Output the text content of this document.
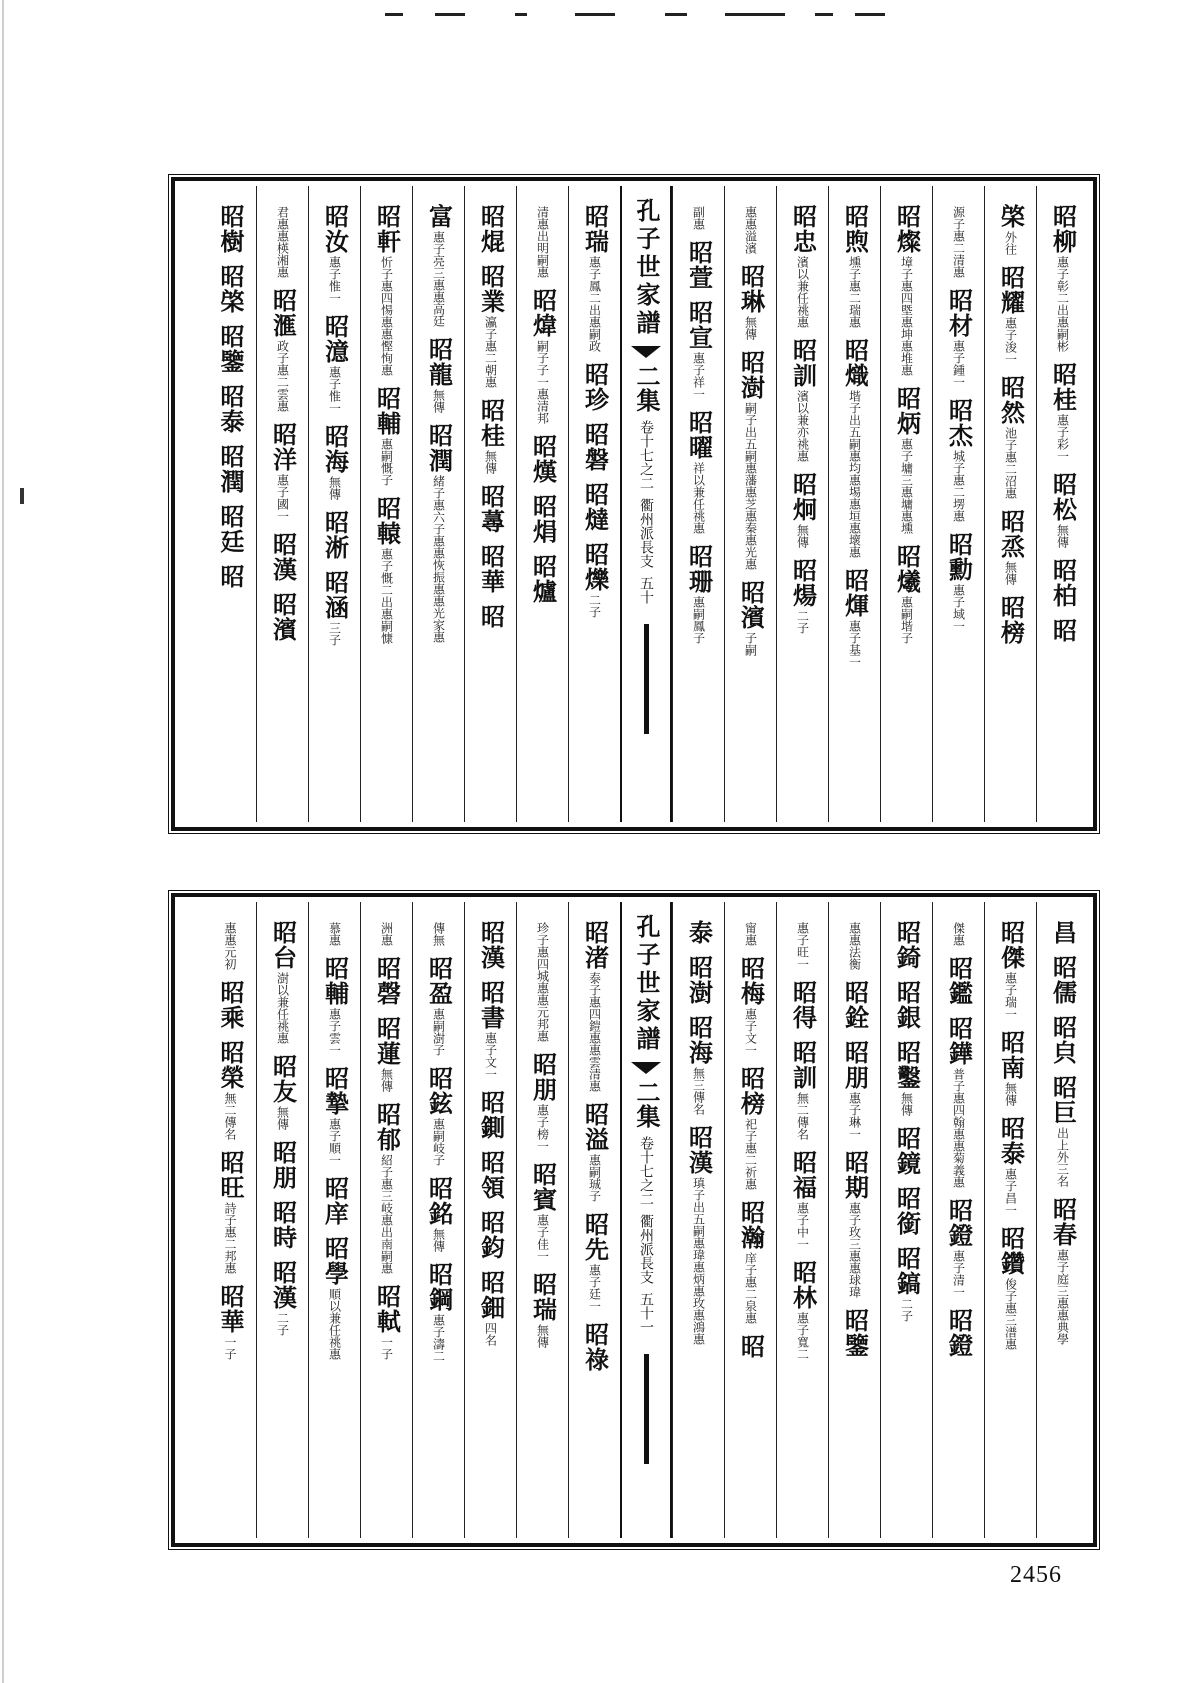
昭柳
惠子彰二出惠嗣彬
昭桂
惠子彩一
昭松
無傳
昭柏
昭
棨
外往
昭耀
惠子浚一
昭然
池子惠二沼惠
昭烝
無傳
昭榜
源子惠二清惠
昭材
惠子鍾一
昭杰
城子惠二塄惠
昭勳
惠子域一
昭燦
墇子惠四塈惠坤惠堆惠
昭炳
惠子墉三惠墉惠壎
昭爔
惠嗣堦子
昭煦
壎子惠二瑞惠
昭熾
堦子出五嗣惠均惠埸惠垣惠壞惠
昭煇
惠子基一
昭忠
濱以兼任祧惠
昭訓
濱以兼亦祧惠
昭炯
無傳
昭煬
二子
惠惠溢濱
昭琳
無傳
昭澍
嗣子出五嗣惠藩惠芝惠秦惠光惠
昭濱
子嗣
副惠
昭萱
昭宣
惠子祥一
昭曜
祥以兼任祧惠
昭珊
惠嗣鳳子
孔子世家譜
二集
卷十七之二
衢州派長支
五十
昭瑞
惠子鳳二出惠嗣政
昭珍
昭磐
昭燵
昭爍
二子
清惠出明嗣惠
昭煒
嗣子子一惠清邦
昭熯
昭焆
昭爐
昭焜
昭業
瀛子惠二朝惠
昭桂
無傳
昭蕁
昭華
昭
富
惠子亮三惠惠高廷
昭龍
無傳
昭潤
緒子惠六子惠惠恢振惠惠光家惠
昭軒
忻子惠四惕惠惠慳恂惠
昭輔
惠嗣慨子
昭轅
惠子慨二出惠嗣慷
昭汝
惠子惟一
昭澺
惠子惟一
昭海
無傳
昭淅
昭涵
三子
君惠惠楧湘惠
昭滙
政子惠二雲惠
昭洋
惠子國一
昭漢
昭濱
昭樹
昭棨
昭鑒
昭泰
昭潤
昭廷
昭
昌
昭儒
昭㒵
昭巨
出上外三名
昭春
惠子庭三惠惠典學
昭傑
惠子瑞一
昭南
無傳
昭泰
惠子昌一
昭鑽
俊子惠三潽惠
傑惠
昭鑑
昭鏵
普子惠四翰惠惠菊義惠
昭鐙
惠子清一
昭鐙
昭錡
昭銀
昭鑿
無傳
昭鏡
昭銜
昭鎬
二子
惠惠法衡
昭銓
昭朋
惠子琳一
昭期
惠子玫三惠惠球瑋
昭鑒
惠子旺一
昭得
昭訓
無二傳名
昭福
惠子中一
昭林
惠子寬二
甯惠
昭梅
惠子文一
昭榜
祀子惠二祈惠
昭瀚
庠子惠二泉惠
昭
泰
昭澍
昭海
無三傳名
昭漢
瑱子出五嗣惠瑋惠炳惠玫惠鴻惠
孔子世家譜
二集
卷十七之二
衢州派長支
五十一
昭渚
泰子惠四鎧惠惠雲清惠
昭溢
惠嗣珹子
昭先
惠子廷一
昭祿
珍子惠四城惠惠元邦惠
昭朋
惠子榜一
昭賓
惠子佳一
昭瑞
無傳
昭漢
昭書
惠子文一
昭鍘
昭領
昭鈞
昭鈿
四名
傳無
昭盈
惠嗣澍子
昭鉉
惠嗣岐子
昭銘
無傳
昭鋼
惠子濤二
洲惠
昭磬
昭蓮
無傳
昭郁
紹子惠三岐惠出南嗣惠
昭軾
一子
慕惠
昭輔
惠子雲一
昭摯
惠子順一
昭庠
昭學
順以兼任祧惠
昭台
澍以兼任祧惠
昭友
無傳
昭朋
昭時
昭漢
二子
惠惠元初
昭乘
昭榮
無二傳名
昭旺
詩子惠二邦惠
昭華
一子
2456
